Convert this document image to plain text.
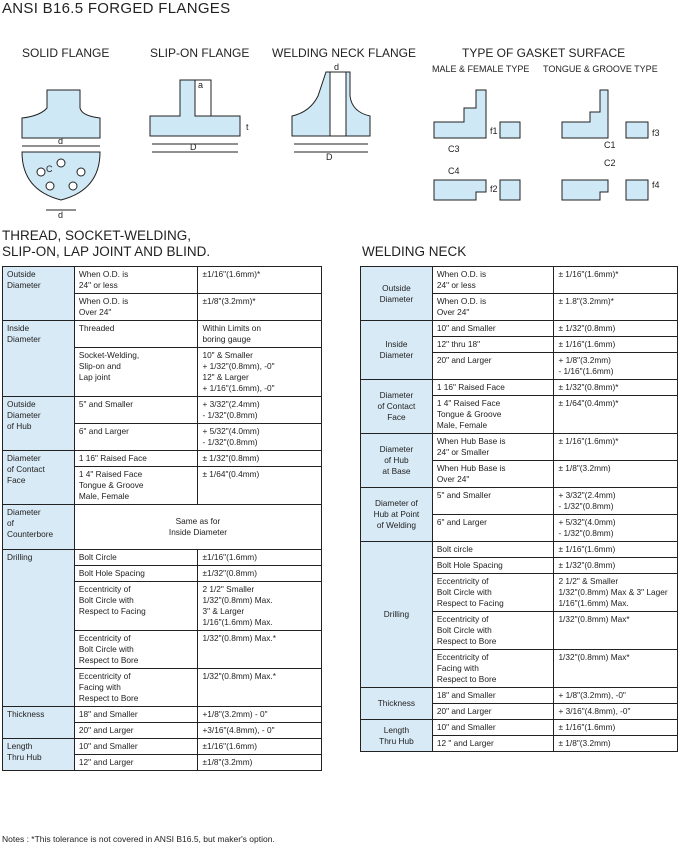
ANSI B16.5 FORGED FLANGES
SOLID FLANGE	SLIP-ON FLANGE WELDING NECK FLANGE	TYPE OF GASKET SURFACE
MALE & FEMALE TYPE TONGUE & GROOVE TYPE
C
d
d
a
D
t
d
D
C3
C4
f1
f2
C1
C2
f3
f4
THREAD, SOCKET-WELDING,
SLIP-ON, LAP JOINT AND BLIND.	WELDING NECK
Outside
Diameter	When O.D. is
24" or less	±1/16"(1.6mm)*

	When O.D. is
Over 24"	±1/8"(3.2mm)*

Inside
Diameter	Threaded	Within Limits on
boring gauge

	Socket-Welding,
Slip-on and
Lap joint	10" & Smaller
+ 1/32"(0.8mm), -0"
12" & Larger
+ 1/16"(1.6mm), -0"

Outside
Diameter
of Hub	5" and Smaller	+ 3/32"(2.4mm)
- 1/32"(0.8mm)

	6" and Larger	+ 5/32"(4.0mm)
- 1/32"(0.8mm)

Diameter
of Contact
Face	1 16" Raised Face	± 1/32"(0.8mm)

	1 4" Raised Face
Tongue & Groove
Male, Female	± 1/64"(0.4mm)

Diameter
of
Counterbore	Same as for
Inside Diameter	

Drilling	Bolt Circle	±1/16"(1.6mm)

	Bolt Hole Spacing	±1/32"(0.8mm)

	Eccentricity of
Bolt Circle with
Respect to Facing	2 1/2" Smaller
1/32"(0.8mm) Max.
3" & Larger
1/16"(1.6mm) Max.

	Eccentricity of
Bolt Circle with
Respect to Bore	1/32"(0.8mm) Max.*

	Eccentricity of
Facing with
Respect to Bore	1/32"(0.8mm) Max.*

Thickness	18" and Smaller	+1/8"(3.2mm) - 0"

	20" and Larger	+3/16"(4.8mm), - 0"

Length
Thru Hub	10" and Smaller	±1/16"(1.6mm)

	12" and Larger	±1/8"(3.2mm)
Outside
Diameter	When O.D. is
24" or less	± 1/16"(1.6mm)*

	When O.D. is
Over 24"	± 1.8"(3.2mm)*

Inside
Diameter	10" and Smaller	± 1/32"(0.8mm)

	12" thru 18"	± 1/16"(1.6mm)

	20" and Larger	+ 1/8"(3.2mm)
- 1/16"(1.6mm)

Diameter
of Contact
Face	1 16" Raised Face	± 1/32"(0.8mm)*

	1 4" Raised Face
Tongue & Groove
Male, Female	± 1/64"(0.4mm)*

Diameter
of Hub
at Base	When Hub Base is
24" or Smaller	± 1/16"(1.6mm)*

	When Hub Base is
Over 24"	± 1/8"(3.2mm)

Diameter of
Hub at Point
of Welding	5" and Smaller	+ 3/32"(2.4mm)
- 1/32"(0.8mm)

	6" and Larger	+ 5/32"(4.0mm)
- 1/32"(0.8mm)

Drilling	Bolt circle	± 1/16"(1.6mm)

	Bolt Hole Spacing	± 1/32"(0.8mm)

	Eccentricity of
Bolt Circle with
Respect to Facing	2 1/2" & Smaller
1/32"(0.8mm) Max & 3" Lager
1/16"(1.6mm) Max.

	Eccentricity of
Bolt Circle with
Respect to Bore	1/32"(0.8mm) Max*

	Eccentricity of
Facing with
Respect to Bore	1/32"(0.8mm) Max*

Thickness	18" and Smaller	+ 1/8"(3.2mm), -0"

	20" and Larger	+ 3/16"(4.8mm), -0"

Length
Thru Hub	10" and Smaller	± 1/16"(1.6mm)

	12 " and Larger	± 1/8"(3.2mm)
Notes : *This tolerance is not covered in ANSI B16.5, but maker's option.
